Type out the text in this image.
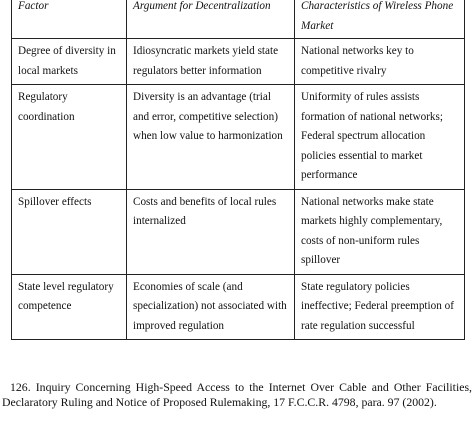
Factor	Argument for Decentralization	Characteristics of Wireless Phone Market
Degree of diversity in local markets	Idiosyncratic markets yield state regulators better information	National networks key to competitive rivalry
Regulatory coordination	Diversity is an advantage (trial and error, competitive selection) when low value to harmonization	Uniformity of rules assists formation of national networks; Federal spectrum allocation policies essential to market performance
Spillover effects	Costs and benefits of local rules internalized	National networks make state markets highly complementary, costs of non-uniform rules spillover
State level regulatory competence	Economies of scale (and specialization) not associated with improved regulation	State regulatory policies ineffective; Federal preemption of rate regulation successful

126. Inquiry Concerning High-Speed Access to the Internet Over Cable and Other Facilities, Declaratory Ruling and Notice of Proposed Rulemaking, 17 F.C.C.R. 4798, para. 97 (2002).
